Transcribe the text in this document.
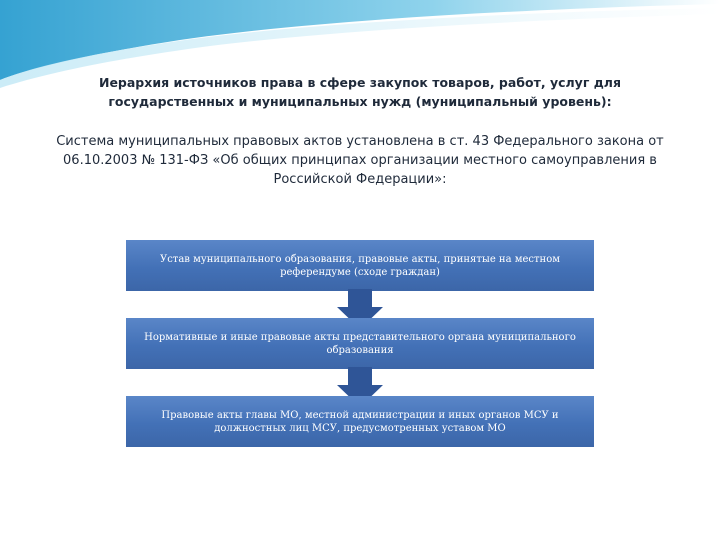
Иерархия источников права в сфере закупок товаров, работ, услуг для государственных и муниципальных нужд (муниципальный уровень):
Система муниципальных правовых актов установлена в ст. 43 Федерального закона от 06.10.2003 № 131-ФЗ «Об общих принципах организации местного самоуправления в Российской Федерации»:
Устав муниципального образования, правовые акты, принятые на местном референдуме (сходе граждан)
Нормативные и иные правовые акты представительного органа муниципального образования
Правовые акты главы МО, местной администрации и иных органов МСУ и должностных лиц МСУ, предусмотренных уставом МО
